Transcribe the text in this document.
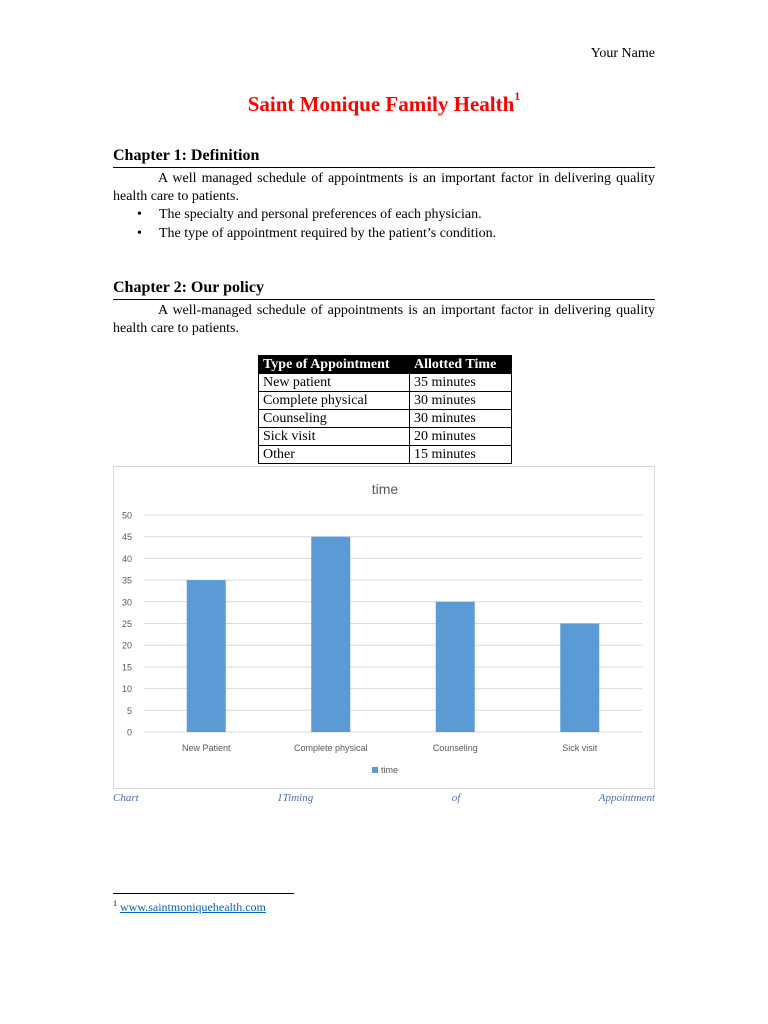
Your Name
Saint Monique Family Health$^1$
Chapter 1: Definition
A well managed schedule of appointments is an important factor in delivering quality health care to patients.
• The specialty and personal preferences of each physician.
• The type of appointment required by the patient’s condition.
Chapter 2: Our policy
A well-managed schedule of appointments is an important factor in delivering quality health care to patients.
Type of Appointment	Allotted Time
New patient	35 minutes
Complete physical	30 minutes
Counseling	30 minutes
Sick visit	20 minutes
Other	15 minutes
time
0
5
10
15
20
25
30
35
40
45
50
New Patient	Complete physical	Counseling	Sick visit
time
Chart	1Timing	of	Appointment
$^1$ www.saintmoniquehealth.com
